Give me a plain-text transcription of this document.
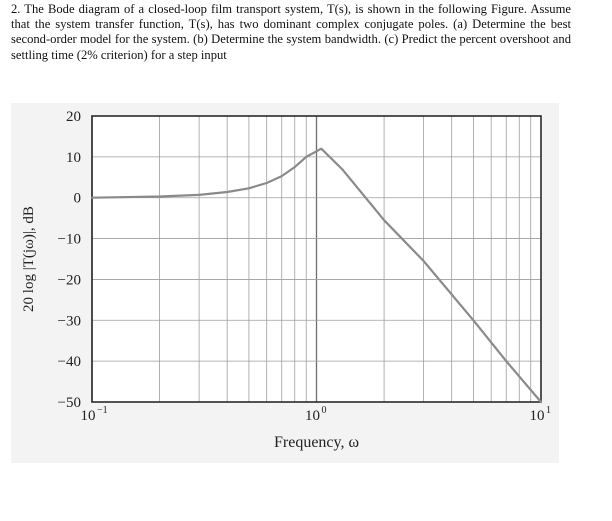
2. The Bode diagram of a closed-loop film transport system, T(s), is shown in the following Figure. Assume that the system transfer function, T(s), has two dominant complex conjugate poles. (a) Determine the best second-order model for the system. (b) Determine the system bandwidth. (c) Predict the percent overshoot and settling time (2% criterion) for a step input
20
10
0
−10
−20
−30
−40
−50
10 −1	10 0	10 1
20 log |T(jω)|, dB
Frequency, ω
